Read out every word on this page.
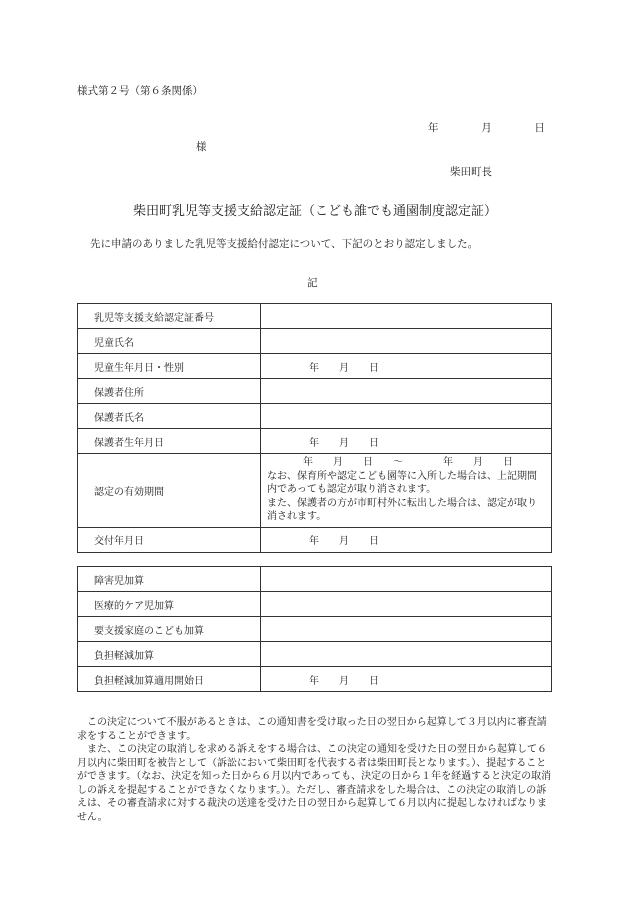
様式第２号（第６条関係）
年	月	日
様
柴田町長
柴田町乳児等支援支給認定証（こども誰でも通園制度認定証）
先に申請のありました乳児等支援給付認定について、下記のとおり認定しました。
記
乳児等支援支給認定証番号	
児童氏名	
児童生年月日・性別	年　　月　　日
保護者住所	
保護者氏名	
保護者生年月日	年　　月　　日
認定の有効期間	年　　月　　日　　〜　　　　年　　月　　日
なお、保育所や認定こども園等に入所した場合は、上記期間内であっても認定が取り消されます。
また、保護者の方が市町村外に転出した場合は、認定が取り消されます。

交付年月日	年　　月　　日
障害児加算	
医療的ケア児加算	
要支援家庭のこども加算	
負担軽減加算	
負担軽減加算適用開始日	年　　月　　日

この決定について不服があるときは、この通知書を受け取った日の翌日から起算して３月以内に審査請求をすることができます。

また、この決定の取消しを求める訴えをする場合は、この決定の通知を受けた日の翌日から起算して６月以内に柴田町を被告として（訴訟において柴田町を代表する者は柴田町長となります。）、提起することができます。（なお、決定を知った日から６月以内であっても、決定の日から１年を経過すると決定の取消しの訴えを提起することができなくなります。）。ただし、審査請求をした場合は、この決定の取消しの訴えは、その審査請求に対する裁決の送達を受けた日の翌日から起算して６月以内に提起しなければなりません。
